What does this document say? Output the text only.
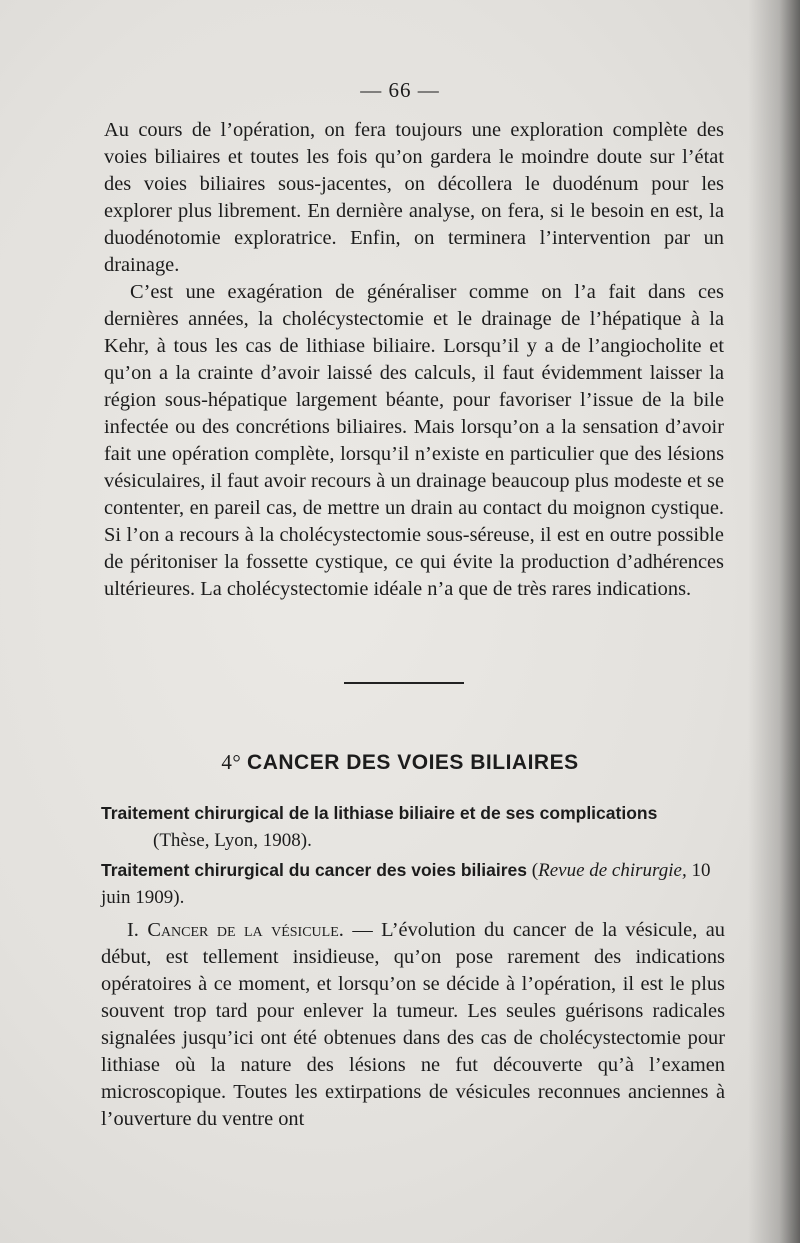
— 66 —
Au cours de l’opération, on fera toujours une exploration complète des voies biliaires et toutes les fois qu’on gardera le moindre doute sur l’état des voies biliaires sous-jacentes, on décollera le duodénum pour les explorer plus librement. En dernière analyse, on fera, si le besoin en est, la duodénotomie exploratrice. Enfin, on terminera l’intervention par un drainage.
C’est une exagération de généraliser comme on l’a fait dans ces dernières années, la cholécystectomie et le drainage de l’hépatique à la Kehr, à tous les cas de lithiase biliaire. Lorsqu’il y a de l’angiocholite et qu’on a la crainte d’avoir laissé des calculs, il faut évidemment laisser la région sous-hépatique largement béante, pour favoriser l’issue de la bile infectée ou des concrétions biliaires. Mais lorsqu’on a la sensation d’avoir fait une opération complète, lorsqu’il n’existe en particulier que des lésions vésiculaires, il faut avoir recours à un drainage beaucoup plus modeste et se contenter, en pareil cas, de mettre un drain au contact du moignon cystique. Si l’on a recours à la cholécystectomie sous-séreuse, il est en outre possible de péritoniser la fossette cystique, ce qui évite la production d’adhérences ultérieures. La cholécystectomie idéale n’a que de très rares indications.
4° CANCER DES VOIES BILIAIRES
Traitement chirurgical de la lithiase biliaire et de ses complications
(Thèse, Lyon, 1908).
Traitement chirurgical du cancer des voies biliaires (Revue de chirurgie, 10 juin 1909).
I. Cancer de la vésicule. — L’évolution du cancer de la vésicule, au début, est tellement insidieuse, qu’on pose rarement des indications opératoires à ce moment, et lorsqu’on se décide à l’opération, il est le plus souvent trop tard pour enlever la tumeur. Les seules guérisons radicales signalées jusqu’ici ont été obtenues dans des cas de cholécystectomie pour lithiase où la nature des lésions ne fut découverte qu’à l’examen microscopique. Toutes les extirpations de vésicules reconnues anciennes à l’ouverture du ventre ont
